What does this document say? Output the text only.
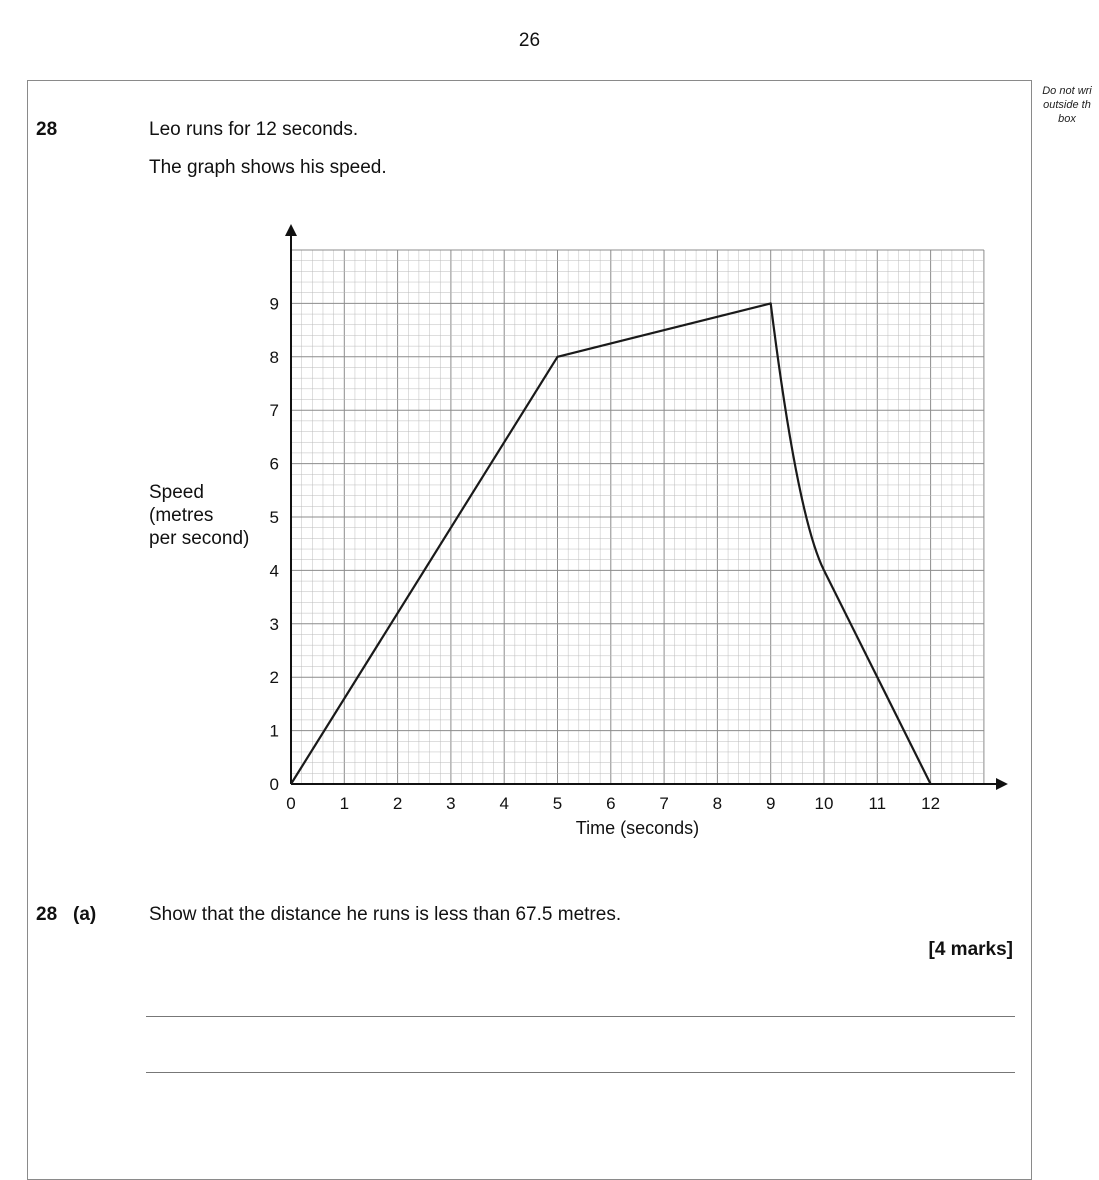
26
Do not wri
outside th
box
28	Leo runs for 12 seconds.
The graph shows his speed.
Speed
(metres
per second)
0	1	2	3	4	5	6	7	8	9 10 11 12
0
1
2
3
4
5
6
7
8
9
Time (seconds)
28 (a)	Show that the distance he runs is less than 67.5 metres.
[4 marks]
